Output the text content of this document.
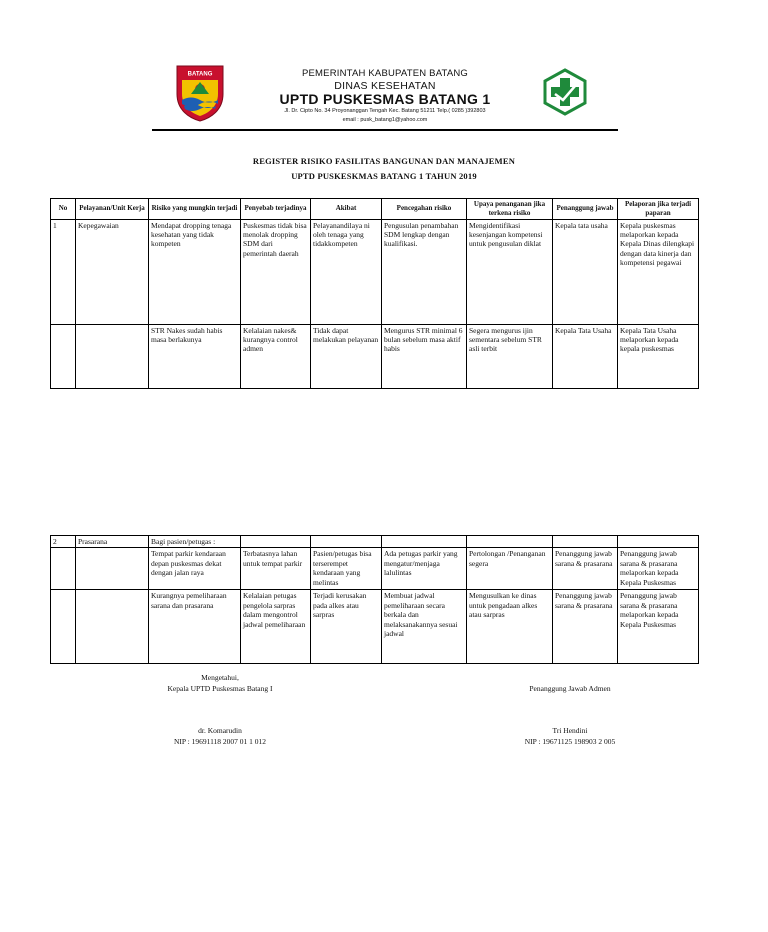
BATANG	PEMERINTAH KABUPATEN BATANG
DINAS KESEHATAN
UPTD PUSKESMAS BATANG 1
Jl. Dr. Cipto No. 34 Proyonanggan Tengah Kec. Batang 51211 Telp.( 0285 )392803
email : pusk_batang1@yahoo.com
REGISTER RISIKO FASILITAS BANGUNAN DAN MANAJEMEN
UPTD PUSKESKMAS BATANG 1 TAHUN 2019
No	Pelayanan/Unit Kerja	Risiko yang mungkin terjadi	Penyebab terjadinya	Akibat	Pencegahan risiko	Upaya penanganan jika terkena risiko	Penanggung jawab	Pelaporan jika terjadi paparan
1	Kepegawaian	Mendapat dropping tenaga kesehatan yang tidak kompeten	Puskesmas tidak bisa menolak dropping SDM dari pemerintah daerah	Pelayanandilaya ni oleh tenaga yang tidakkompeten	Pengusulan penambahan SDM lengkap dengan kualifikasi.	Mengidentifikasi kesenjangan kompetensi untuk pengusulan diklat	Kepala tata usaha	Kepala puskesmas melaporkan kepada Kepala Dinas dilengkapi dengan data kinerja dan kompetensi pegawai
		STR Nakes sudah habis masa berlakunya	Kelalaian nakes& kurangnya control admen	Tidak dapat melakukan pelayanan	Mengurus STR minimal 6 bulan sebelum masa aktif habis	Segera mengurus ijin sementara sebelum STR asli terbit	Kepala Tata Usaha	Kepala Tata Usaha melaporkan kepada kepala puskesmas
2	Prasarana	Bagi pasien/petugas :						
		Tempat parkir kendaraan depan puskesmas dekat dengan jalan raya	Terbatasnya lahan untuk tempat parkir	Pasien/petugas bisa terserempet kendaraan yang melintas	Ada petugas parkir yang mengatur/menjaga lalulintas	Pertolongan /Penanganan segera	Penanggung jawab sarana & prasarana	Penanggung jawab sarana & prasarana melaporkan kepada Kepala Puskesmas
		Kurangnya pemeliharaan sarana dan prasarana	Kelalaian petugas pengelola sarpras dalam mengontrol jadwal pemeliharaan	Terjadi kerusakan pada alkes atau sarpras	Membuat jadwal pemeliharaan secara berkala dan melaksanakannya sesuai jadwal	Mengusulkan ke dinas untuk pengadaan alkes atau sarpras	Penanggung jawab sarana & prasarana	Penanggung jawab sarana & prasarana melaporkan kepada Kepala Puskesmas
Mengetahui,
Kepala UPTD Puskesmas Batang I
dr. Komarudin
NIP : 19691118 2007 01 1 012
Penanggung Jawab Admen
Tri Hendini
NIP : 19671125 198903 2 005
